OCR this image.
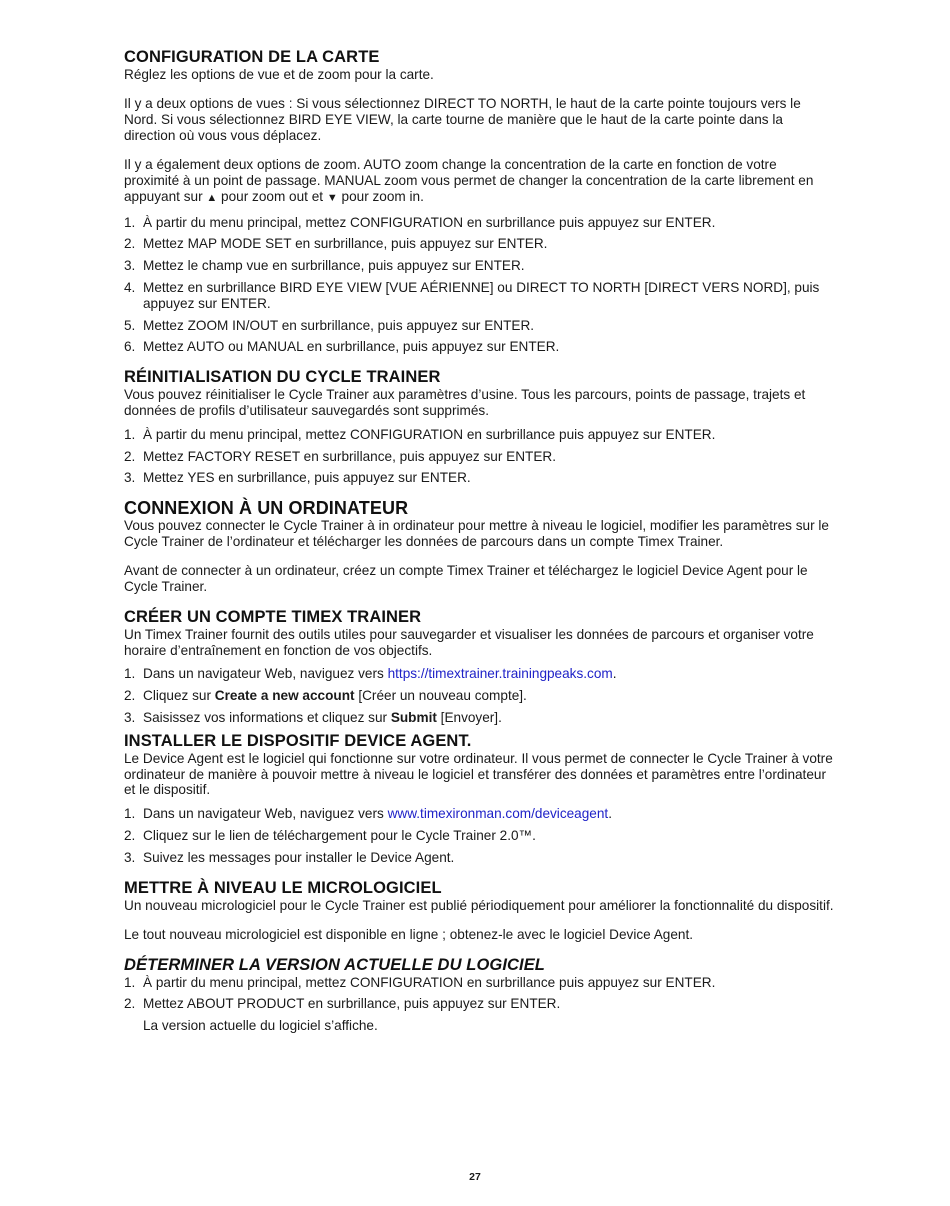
CONFIGURATION DE LA CARTE

Réglez les options de vue et de zoom pour la carte.

Il y a deux options de vues : Si vous sélectionnez DIRECT TO NORTH, le haut de la carte pointe toujours vers le Nord. Si vous sélectionnez BIRD EYE VIEW, la carte tourne de manière que le haut de la carte pointe dans la direction où vous vous déplacez.

Il y a également deux options de zoom. AUTO zoom change la concentration de la carte en fonction de votre proximité à un point de passage. MANUAL zoom vous permet de changer la concentration de la carte librement en appuyant sur ▲ pour zoom out et ▼ pour zoom in.

1. À partir du menu principal, mettez CONFIGURATION en surbrillance puis appuyez sur ENTER.
2. Mettez MAP MODE SET en surbrillance, puis appuyez sur ENTER.
3. Mettez le champ vue en surbrillance, puis appuyez sur ENTER.
4. Mettez en surbrillance BIRD EYE VIEW [VUE AÉRIENNE] ou DIRECT TO NORTH [DIRECT VERS NORD], puis appuyez sur ENTER.
5. Mettez ZOOM IN/OUT en surbrillance, puis appuyez sur ENTER.
6. Mettez AUTO ou MANUAL en surbrillance, puis appuyez sur ENTER.
RÉINITIALISATION DU CYCLE TRAINER

Vous pouvez réinitialiser le Cycle Trainer aux paramètres d’usine. Tous les parcours, points de passage, trajets et données de profils d’utilisateur sauvegardés sont supprimés.

1. À partir du menu principal, mettez CONFIGURATION en surbrillance puis appuyez sur ENTER.
2. Mettez FACTORY RESET en surbrillance, puis appuyez sur ENTER.
3. Mettez YES en surbrillance, puis appuyez sur ENTER.
CONNEXION À UN ORDINATEUR

Vous pouvez connecter le Cycle Trainer à in ordinateur pour mettre à niveau le logiciel, modifier les paramètres sur le Cycle Trainer de l’ordinateur et télécharger les données de parcours dans un compte Timex Trainer.

Avant de connecter à un ordinateur, créez un compte Timex Trainer et téléchargez le logiciel Device Agent pour le Cycle Trainer.

CRÉER UN COMPTE TIMEX TRAINER

Un Timex Trainer fournit des outils utiles pour sauvegarder et visualiser les données de parcours et organiser votre horaire d’entraînement en fonction de vos objectifs.

1. Dans un navigateur Web, naviguez vers https://timextrainer.trainingpeaks.com.
2. Cliquez sur Create a new account [Créer un nouveau compte].
3. Saisissez vos informations et cliquez sur Submit [Envoyer].
INSTALLER LE DISPOSITIF DEVICE AGENT.

Le Device Agent est le logiciel qui fonctionne sur votre ordinateur. Il vous permet de connecter le Cycle Trainer à votre ordinateur de manière à pouvoir mettre à niveau le logiciel et transférer des données et paramètres entre l’ordinateur et le dispositif.

1. Dans un navigateur Web, naviguez vers www.timexironman.com/deviceagent.
2. Cliquez sur le lien de téléchargement pour le Cycle Trainer 2.0™.
3. Suivez les messages pour installer le Device Agent.
METTRE À NIVEAU LE MICROLOGICIEL

Un nouveau micrologiciel pour le Cycle Trainer est publié périodiquement pour améliorer la fonctionnalité du dispositif.

Le tout nouveau micrologiciel est disponible en ligne ; obtenez-le avec le logiciel Device Agent.

DÉTERMINER LA VERSION ACTUELLE DU LOGICIEL
1. À partir du menu principal, mettez CONFIGURATION en surbrillance puis appuyez sur ENTER.
2. Mettez ABOUT PRODUCT en surbrillance, puis appuyez sur ENTER.
La version actuelle du logiciel s’affiche.
27
